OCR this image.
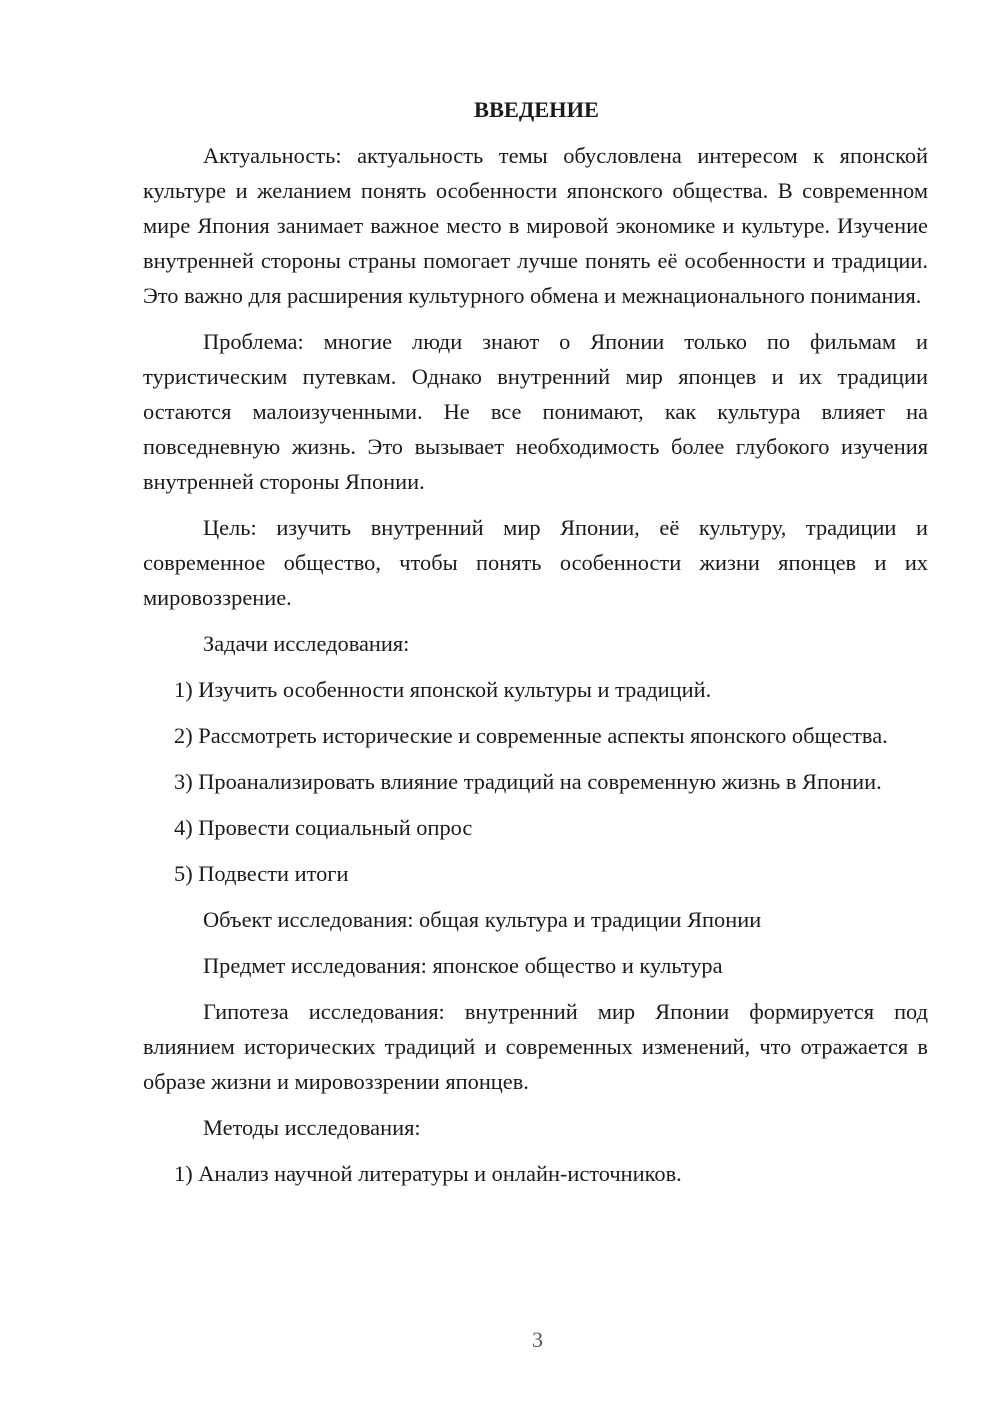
ВВЕДЕНИЕ

Актуальность: актуальность темы обусловлена интересом к японской культуре и желанием понять особенности японского общества. В современном мире Япония занимает важное место в мировой экономике и культуре. Изучение внутренней стороны страны помогает лучше понять её особенности и традиции. Это важно для расширения культурного обмена и межнационального понимания.

Проблема: многие люди знают о Японии только по фильмам и туристическим путевкам. Однако внутренний мир японцев и их традиции остаются малоизученными. Не все понимают, как культура влияет на повседневную жизнь. Это вызывает необходимость более глубокого изучения внутренней стороны Японии.

Цель: изучить внутренний мир Японии, её культуру, традиции и современное общество, чтобы понять особенности жизни японцев и их мировоззрение.

Задачи исследования:

1) Изучить особенности японской культуры и традиций.

2) Рассмотреть исторические и современные аспекты японского общества.

3) Проанализировать влияние традиций на современную жизнь в Японии.

4) Провести социальный опрос

5) Подвести итоги

Объект исследования: общая культура и традиции Японии

Предмет исследования: японское общество и культура

Гипотеза исследования: внутренний мир Японии формируется под влиянием исторических традиций и современных изменений, что отражается в образе жизни и мировоззрении японцев.

Методы исследования:

1) Анализ научной литературы и онлайн-источников.

3
